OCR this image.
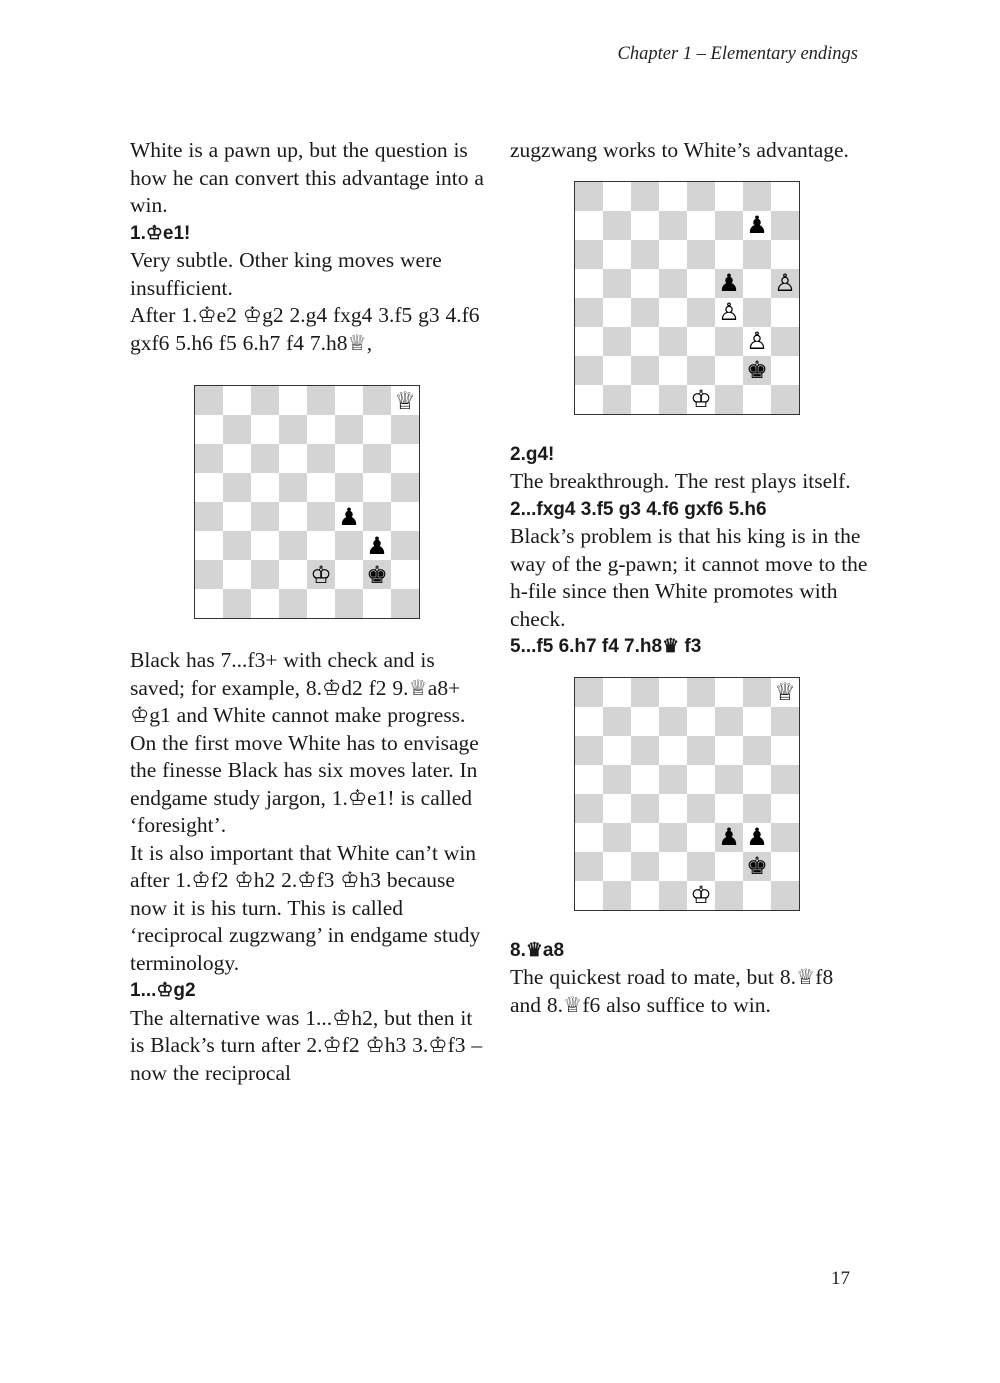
Chapter 1 – Elementary endings

White is a pawn up, but the question is how he can convert this advantage into a win.

1.♔e1!

Very subtle. Other king moves were insufficient.

After 1.♔e2 ♔g2 2.g4 fxg4 3.f5 g3 4.f6 gxf6 5.h6 f5 6.h7 f4 7.h8♕,

♕
♟
♟
♔ ♚

Black has 7...f3+ with check and is saved; for example, 8.♔d2 f2 9.♕a8+ ♔g1 and White cannot make progress. On the first move White has to envisage the finesse Black has six moves later. In endgame study jargon, 1.♔e1! is called ‘foresight’.

It is also important that White can’t win after 1.♔f2 ♔h2 2.♔f3 ♔h3 because now it is his turn. This is called ‘reciprocal zugzwang’ in endgame study terminology.

1...♔g2

The alternative was 1...♔h2, but then it is Black’s turn after 2.♔f2 ♔h3 3.♔f3 – now the reciprocal

zugzwang works to White’s advantage.

♟
♟ ♙
♙
♙
♚
♔

2.g4!

The breakthrough. The rest plays itself.

2...fxg4 3.f5 g3 4.f6 gxf6 5.h6

Black’s problem is that his king is in the way of the g-pawn; it cannot move to the h-file since then White promotes with check.

5...f5 6.h7 f4 7.h8♛ f3

♕
♟ ♟
♚
♔

8.♛a8

The quickest road to mate, but 8.♕f8 and 8.♕f6 also suffice to win.

17
